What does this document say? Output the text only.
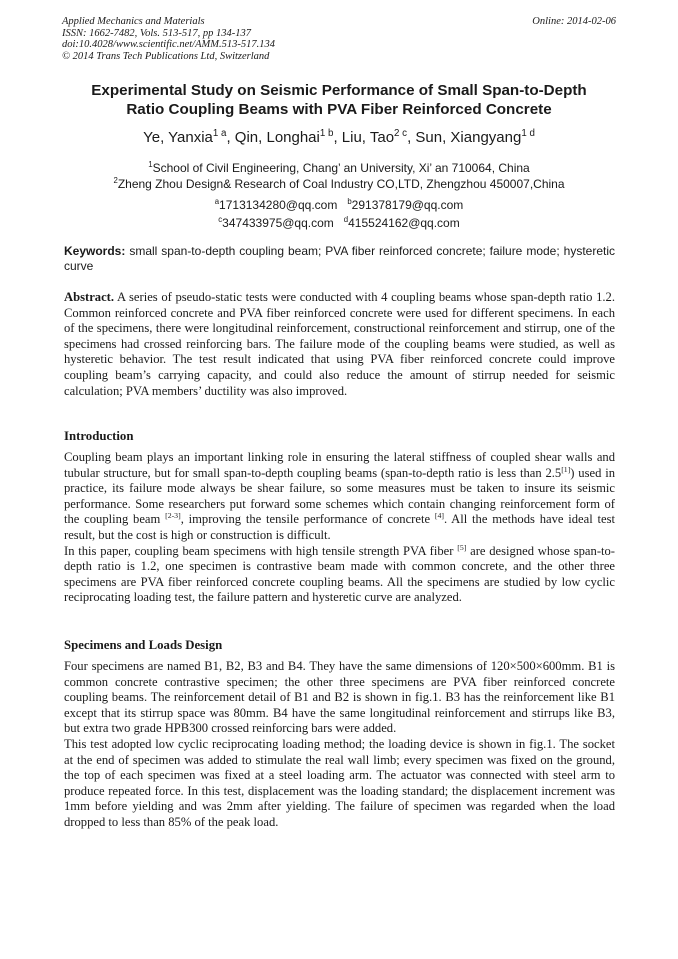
Applied Mechanics and Materials
ISSN: 1662-7482, Vols. 513-517, pp 134-137
doi:10.4028/www.scientific.net/AMM.513-517.134
© 2014 Trans Tech Publications Ltd, Switzerland
Online: 2014-02-06
Experimental Study on Seismic Performance of Small Span-to-Depth
Ratio Coupling Beams with PVA Fiber Reinforced Concrete
Ye, Yanxia$^{1 a}$, Qin, Longhai$^{1 b}$, Liu, Tao$^{2 c}$, Sun, Xiangyang$^{1 d}$
$^1$School of Civil Engineering, Chang’ an University, Xi’ an 710064, China
$^2$Zheng Zhou Design& Research of Coal Industry CO,LTD, Zhengzhou 450007,China
$^a$1713134280@qq.com $^b$291378179@qq.com
$^c$347433975@qq.com $^d$415524162@qq.com
Keywords: small span-to-depth coupling beam; PVA fiber reinforced concrete; failure mode; hysteretic curve
Abstract. A series of pseudo-static tests were conducted with 4 coupling beams whose span-depth ratio 1.2. Common reinforced concrete and PVA fiber reinforced concrete were used for different specimens. In each of the specimens, there were longitudinal reinforcement, constructional reinforcement and stirrup, one of the specimens had crossed reinforcing bars. The failure mode of the coupling beams were studied, as well as hysteretic behavior. The test result indicated that using PVA fiber reinforced concrete could improve coupling beam’s carrying capacity, and could also reduce the amount of stirrup needed for seismic calculation; PVA members’ ductility was also improved.
Introduction

Coupling beam plays an important linking role in ensuring the lateral stiffness of coupled shear walls and tubular structure, but for small span-to-depth coupling beams (span-to-depth ratio is less than 2.5[1]) used in practice, its failure mode always be shear failure, so some measures must be taken to insure its seismic performance. Some researchers put forward some schemes which contain changing reinforcement form of the coupling beam [2-3], improving the tensile performance of concrete [4]. All the methods have ideal test result, but the cost is high or construction is difficult.

In this paper, coupling beam specimens with high tensile strength PVA fiber [5] are designed whose span-to-depth ratio is 1.2, one specimen is contrastive beam made with common concrete, and the other three specimens are PVA fiber reinforced concrete coupling beams. All the specimens are studied by low cyclic reciprocating loading test, the failure pattern and hysteretic curve are analyzed.

Specimens and Loads Design

Four specimens are named B1, B2, B3 and B4. They have the same dimensions of 120×500×600mm. B1 is common concrete contrastive specimen; the other three specimens are PVA fiber reinforced concrete coupling beams. The reinforcement detail of B1 and B2 is shown in fig.1. B3 has the reinforcement like B1 except that its stirrup space was 80mm. B4 have the same longitudinal reinforcement and stirrups like B3, but extra two grade HPB300 crossed reinforcing bars were added.

This test adopted low cyclic reciprocating loading method; the loading device is shown in fig.1. The socket at the end of specimen was added to stimulate the real wall limb; every specimen was fixed on the ground, the top of each specimen was fixed at a steel loading arm. The actuator was connected with steel arm to produce repeated force. In this test, displacement was the loading standard; the displacement increment was 1mm before yielding and was 2mm after yielding. The failure of specimen was regarded when the load dropped to less than 85% of the peak load.
